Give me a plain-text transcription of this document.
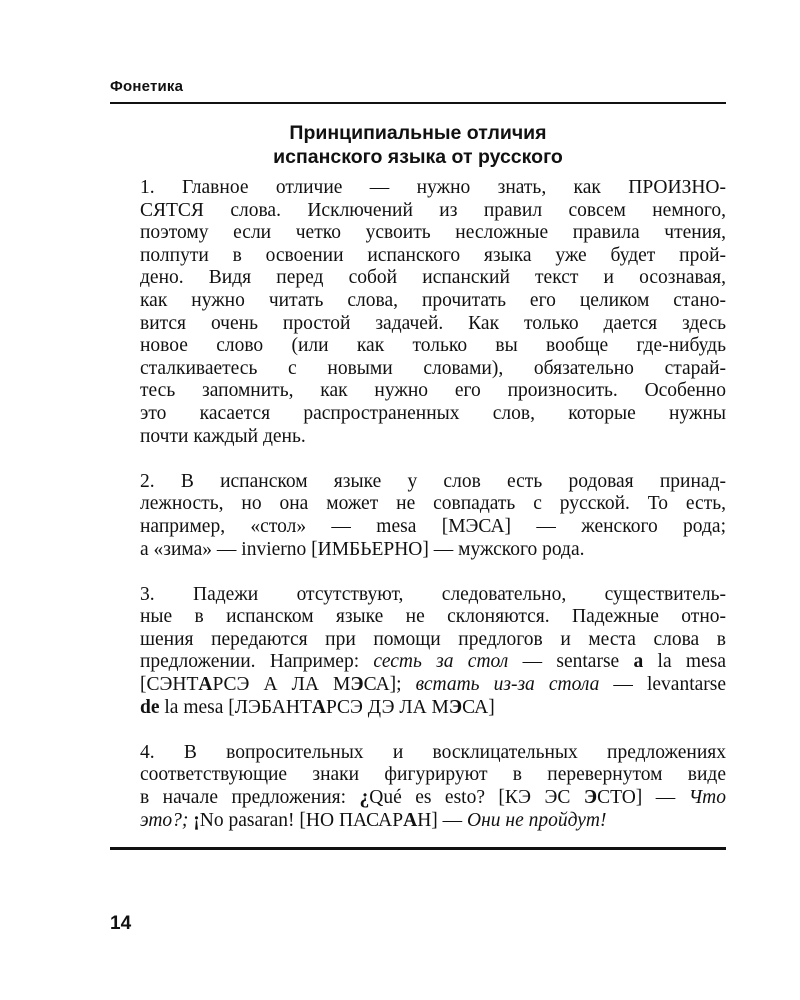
Фонетика
Принципиальные отличия
испанского языка от русского
1. Главное отличие — нужно знать, как ПРОИЗНО-
СЯТСЯ слова. Исключений из правил совсем немного,
поэтому если четко усвоить несложные правила чтения,
полпути в освоении испанского языка уже будет прой-
дено. Видя перед собой испанский текст и осознавая,
как нужно читать слова, прочитать его целиком стано-
вится очень простой задачей. Как только дается здесь
новое слово (или как только вы вообще где-нибудь
сталкиваетесь с новыми словами), обязательно старай-
тесь запомнить, как нужно его произносить. Особенно
это касается распространенных слов, которые нужны
почти каждый день.
2. В испанском языке у слов есть родовая принад-
лежность, но она может не совпадать с русской. То есть,
например, «стол» — mesa [МЭСА] — женского рода;
а «зима» — invierno [ИМБЬЕРНО] — мужского рода.
3. Падежи отсутствуют, следовательно, существитель-
ные в испанском языке не склоняются. Падежные отно-
шения передаются при помощи предлогов и места слова в
предложении. Например: сесть за стол — sentarse a la mesa
[СЭНТАРСЭ А ЛА МЭСА]; встать из-за стола — levantarse
de la mesa [ЛЭБАНТАРСЭ ДЭ ЛА МЭСА]
4. В вопросительных и восклицательных предложениях
соответствующие знаки фигурируют в перевернутом виде
в начале предложения: ¿Qué es esto? [КЭ ЭС ЭСТО] — Что
это?; ¡No pasaran! [НО ПАСАРАН] — Они не пройдут!
14
